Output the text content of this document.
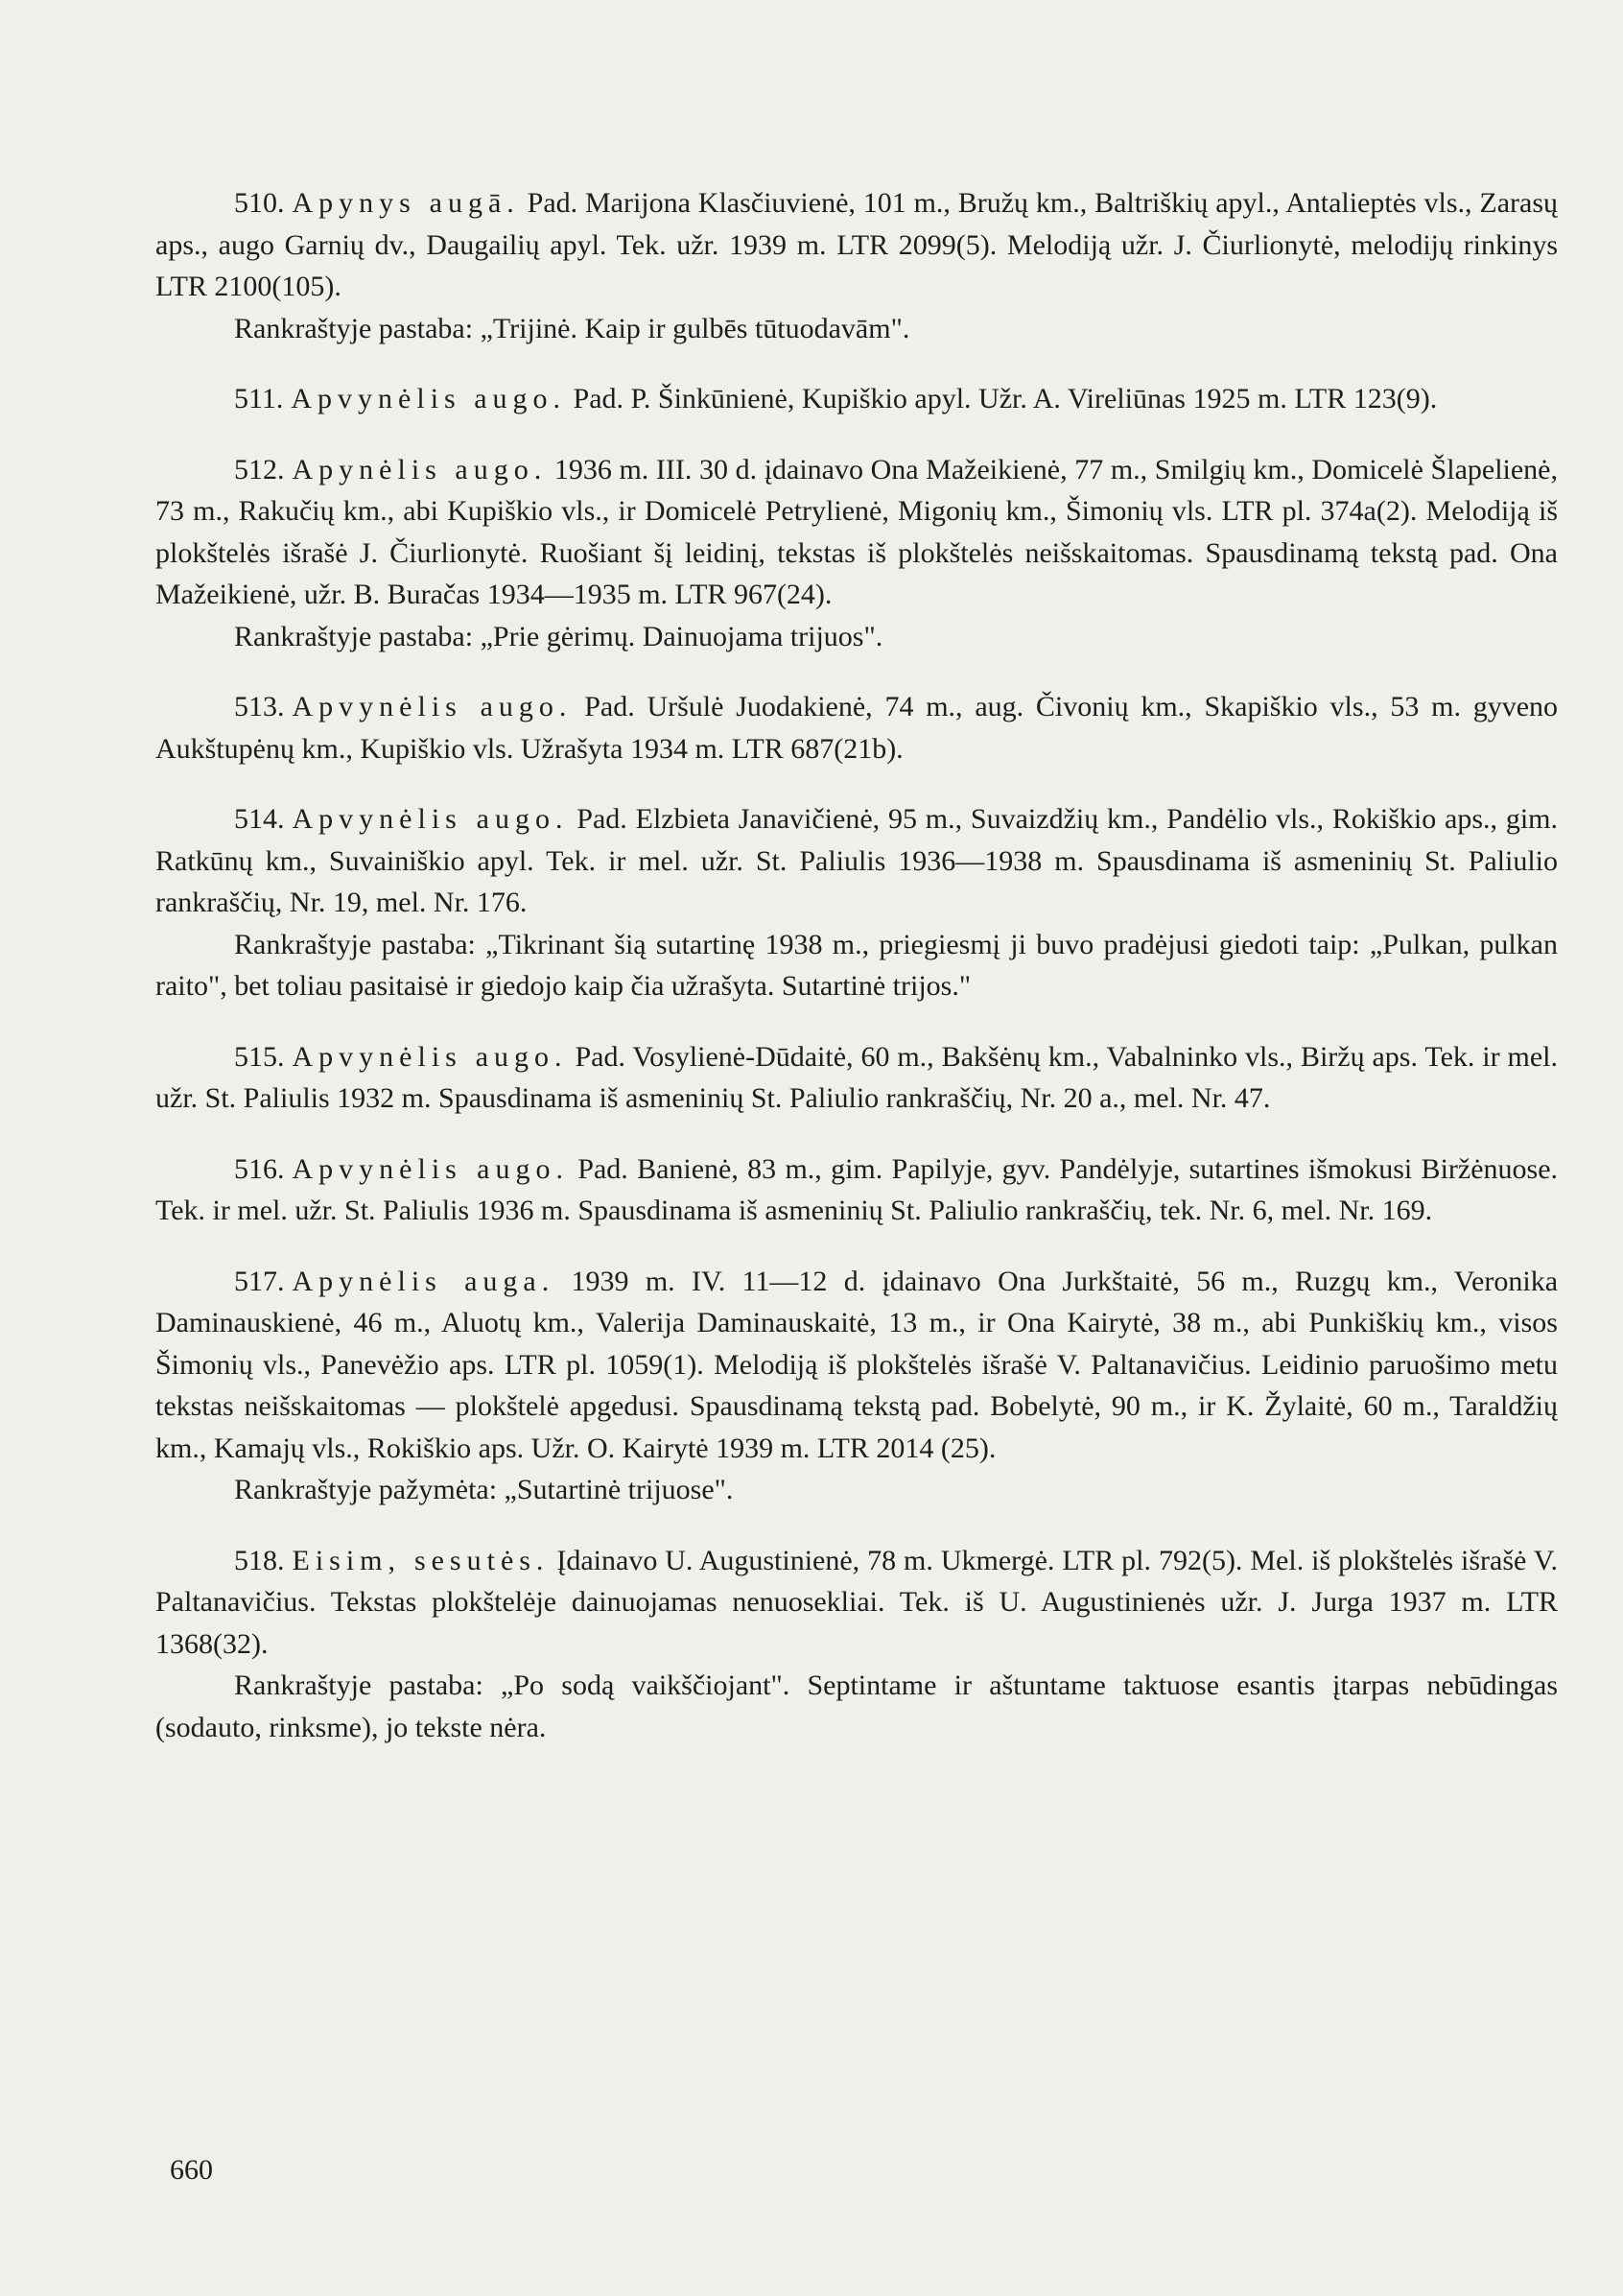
510. Apynys augā. Pad. Marijona Klasčiuvienė, 101 m., Bružų km., Baltriškių apyl., Antalieptės vls., Zarasų aps., augo Garnių dv., Daugailių apyl. Tek. užr. 1939 m. LTR 2099(5). Melodiją užr. J. Čiurlionytė, melodijų rinkinys LTR 2100(105).

Rankraštyje pastaba: „Trijinė. Kaip ir gulbēs tūtuodavām".

511. Apvynėlis augo. Pad. P. Šinkūnienė, Kupiškio apyl. Užr. A. Vireliūnas 1925 m. LTR 123(9).

512. Apynėlis augo. 1936 m. III. 30 d. įdainavo Ona Mažeikienė, 77 m., Smilgių km., Domicelė Šlapelienė, 73 m., Rakučių km., abi Kupiškio vls., ir Domicelė Petrylienė, Migonių km., Šimonių vls. LTR pl. 374a(2). Melodiją iš plokštelės išrašė J. Čiurlionytė. Ruošiant šį leidinį, tekstas iš plokštelės neišskaitomas. Spausdinamą tekstą pad. Ona Mažeikienė, užr. B. Buračas 1934—1935 m. LTR 967(24).

Rankraštyje pastaba: „Prie gėrimų. Dainuojama trijuos".

513. Apvynėlis augo. Pad. Uršulė Juodakienė, 74 m., aug. Čivonių km., Skapiškio vls., 53 m. gyveno Aukštupėnų km., Kupiškio vls. Užrašyta 1934 m. LTR 687(21b).

514. Apvynėlis augo. Pad. Elzbieta Janavičienė, 95 m., Suvaizdžių km., Pandėlio vls., Rokiškio aps., gim. Ratkūnų km., Suvainiškio apyl. Tek. ir mel. užr. St. Paliulis 1936—1938 m. Spausdinama iš asmeninių St. Paliulio rankraščių, Nr. 19, mel. Nr. 176.

Rankraštyje pastaba: „Tikrinant šią sutartinę 1938 m., priegiesmį ji buvo pradėjusi giedoti taip: „Pulkan, pulkan raito", bet toliau pasitaisė ir giedojo kaip čia užrašyta. Sutartinė trijos."

515. Apvynėlis augo. Pad. Vosylienė-Dūdaitė, 60 m., Bakšėnų km., Vabalninko vls., Biržų aps. Tek. ir mel. užr. St. Paliulis 1932 m. Spausdinama iš asmeninių St. Paliulio rankraščių, Nr. 20 a., mel. Nr. 47.

516. Apvynėlis augo. Pad. Banienė, 83 m., gim. Papilyje, gyv. Pandėlyje, sutartines išmokusi Biržėnuose. Tek. ir mel. užr. St. Paliulis 1936 m. Spausdinama iš asmeninių St. Paliulio rankraščių, tek. Nr. 6, mel. Nr. 169.

517. Apynėlis auga. 1939 m. IV. 11—12 d. įdainavo Ona Jurkštaitė, 56 m., Ruzgų km., Veronika Daminauskienė, 46 m., Aluotų km., Valerija Daminauskaitė, 13 m., ir Ona Kairytė, 38 m., abi Punkiškių km., visos Šimonių vls., Panevėžio aps. LTR pl. 1059(1). Melodiją iš plokštelės išrašė V. Paltanavičius. Leidinio paruošimo metu tekstas neišskaitomas — plokštelė apgedusi. Spausdinamą tekstą pad. Bobelytė, 90 m., ir K. Žylaitė, 60 m., Taraldžių km., Kamajų vls., Rokiškio aps. Užr. O. Kairytė 1939 m. LTR 2014 (25).

Rankraštyje pažymėta: „Sutartinė trijuose".

518. Eisim, sesutės. Įdainavo U. Augustinienė, 78 m. Ukmergė. LTR pl. 792(5). Mel. iš plokštelės išrašė V. Paltanavičius. Tekstas plokštelėje dainuojamas nenuosekliai. Tek. iš U. Augustinienės užr. J. Jurga 1937 m. LTR 1368(32).

Rankraštyje pastaba: „Po sodą vaikščiojant". Septintame ir aštuntame taktuose esantis įtarpas nebūdingas (sodauto, rinksme), jo tekste nėra.

660
